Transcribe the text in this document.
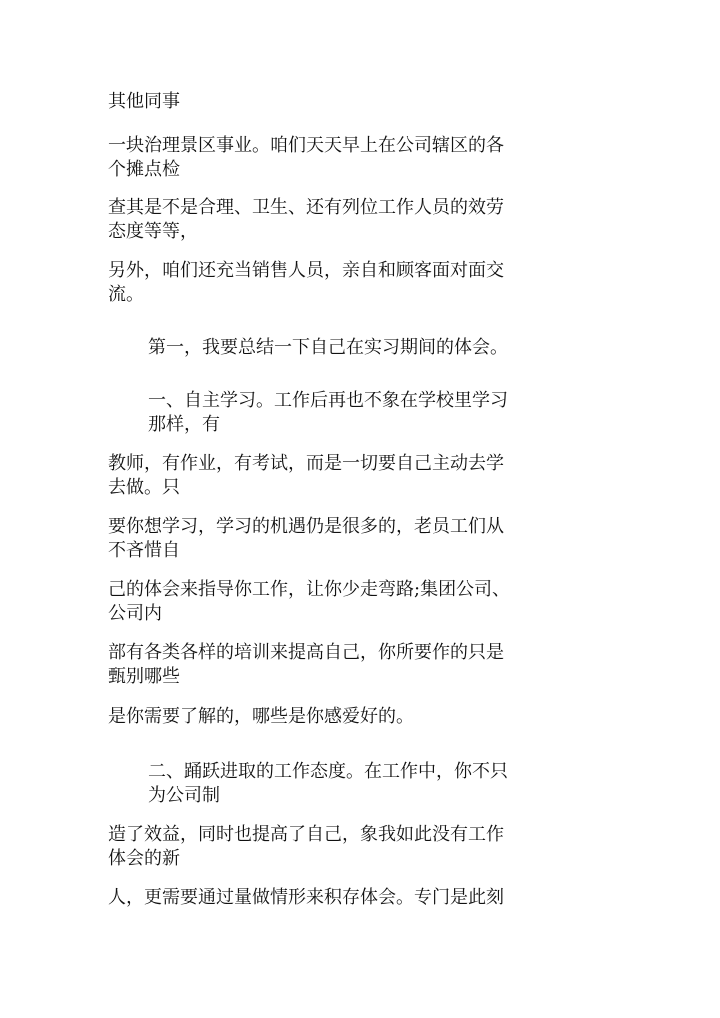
其他同事
一块治理景区事业。咱们天天早上在公司辖区的各
个摊点检
查其是不是合理、卫生、还有列位工作人员的效劳
态度等等，
另外，咱们还充当销售人员，亲自和顾客面对面交
流。
第一，我要总结一下自己在实习期间的体会。
一、自主学习。工作后再也不象在学校里学习
那样，有
教师，有作业，有考试，而是一切要自己主动去学
去做。只
要你想学习，学习的机遇仍是很多的，老员工们从
不吝惜自
己的体会来指导你工作，让你少走弯路;集团公司、
公司内
部有各类各样的培训来提高自己，你所要作的只是
甄别哪些
是你需要了解的，哪些是你感爱好的。
二、踊跃进取的工作态度。在工作中，你不只
为公司制
造了效益，同时也提高了自己，象我如此没有工作
体会的新
人，更需要通过量做情形来积存体会。专门是此刻
